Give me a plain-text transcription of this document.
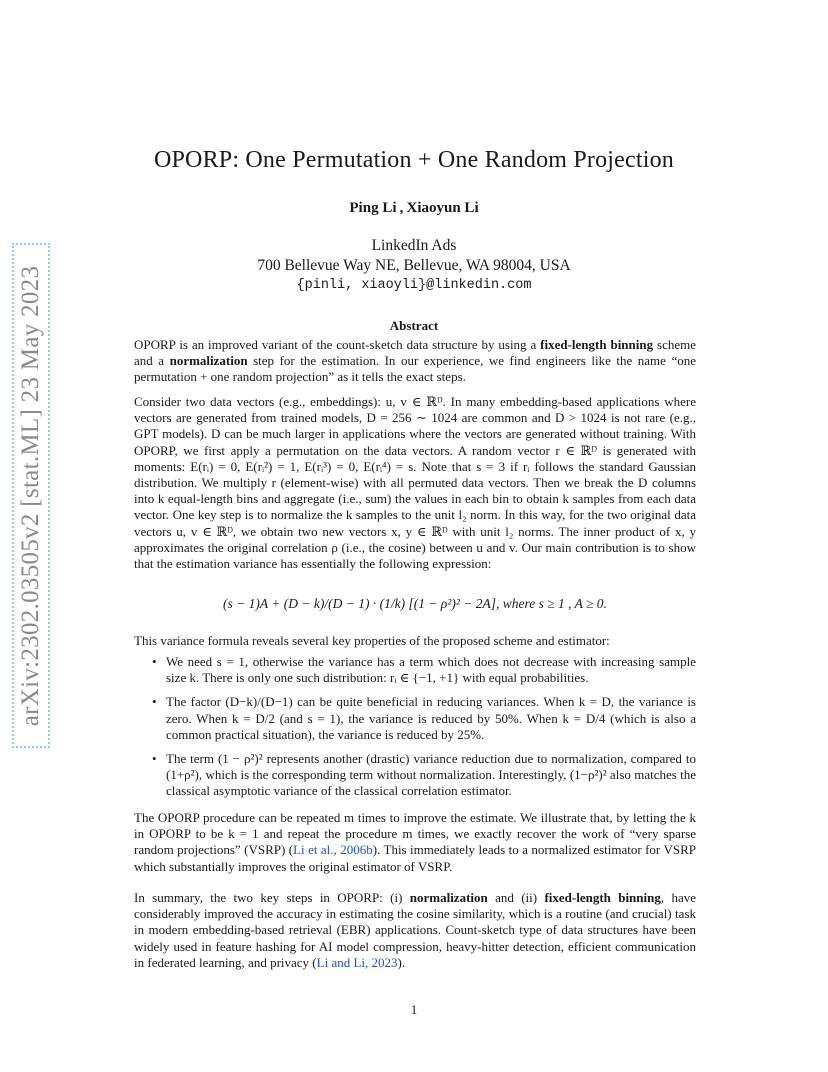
arXiv:2302.03505v2 [stat.ML] 23 May 2023
OPORP: One Permutation + One Random Projection
Ping Li , Xiaoyun Li
LinkedIn Ads
700 Bellevue Way NE, Bellevue, WA 98004, USA
{pinli, xiaoyli}@linkedin.com
Abstract
OPORP is an improved variant of the count-sketch data structure by using a fixed-length binning scheme and a normalization step for the estimation. In our experience, we find engineers like the name “one permutation + one random projection” as it tells the exact steps.
Consider two data vectors (e.g., embeddings): u, v ∈ ℝᴰ. In many embedding-based applications where vectors are generated from trained models, D = 256 ∼ 1024 are common and D > 1024 is not rare (e.g., GPT models). D can be much larger in applications where the vectors are generated without training. With OPORP, we first apply a permutation on the data vectors. A random vector r ∈ ℝᴰ is generated with moments: E(rᵢ) = 0, E(rᵢ²) = 1, E(rᵢ³) = 0, E(rᵢ⁴) = s. Note that s = 3 if rᵢ follows the standard Gaussian distribution. We multiply r (element-wise) with all permuted data vectors. Then we break the D columns into k equal-length bins and aggregate (i.e., sum) the values in each bin to obtain k samples from each data vector. One key step is to normalize the k samples to the unit l₂ norm. In this way, for the two original data vectors u, v ∈ ℝᴰ, we obtain two new vectors x, y ∈ ℝᴰ with unit l₂ norms. The inner product of x, y approximates the original correlation ρ (i.e., the cosine) between u and v. Our main contribution is to show that the estimation variance has essentially the following expression:
(s − 1)A + (D − k)/(D − 1) · (1/k) [(1 − ρ²)² − 2A], where s ≥ 1 , A ≥ 0.
This variance formula reveals several key properties of the proposed scheme and estimator:
• We need s = 1, otherwise the variance has a term which does not decrease with increasing sample size k. There is only one such distribution: rᵢ ∈ {−1, +1} with equal probabilities.
• The factor (D−k)/(D−1) can be quite beneficial in reducing variances. When k = D, the variance is zero. When k = D/2 (and s = 1), the variance is reduced by 50%. When k = D/4 (which is also a common practical situation), the variance is reduced by 25%.
• The term (1 − ρ²)² represents another (drastic) variance reduction due to normalization, compared to (1+ρ²), which is the corresponding term without normalization. Interestingly, (1−ρ²)² also matches the classical asymptotic variance of the classical correlation estimator.
The OPORP procedure can be repeated m times to improve the estimate. We illustrate that, by letting the k in OPORP to be k = 1 and repeat the procedure m times, we exactly recover the work of “very sparse random projections” (VSRP) (Li et al., 2006b). This immediately leads to a normalized estimator for VSRP which substantially improves the original estimator of VSRP.
In summary, the two key steps in OPORP: (i) normalization and (ii) fixed-length binning, have considerably improved the accuracy in estimating the cosine similarity, which is a routine (and crucial) task in modern embedding-based retrieval (EBR) applications. Count-sketch type of data structures have been widely used in feature hashing for AI model compression, heavy-hitter detection, efficient communication in federated learning, and privacy (Li and Li, 2023).
1
